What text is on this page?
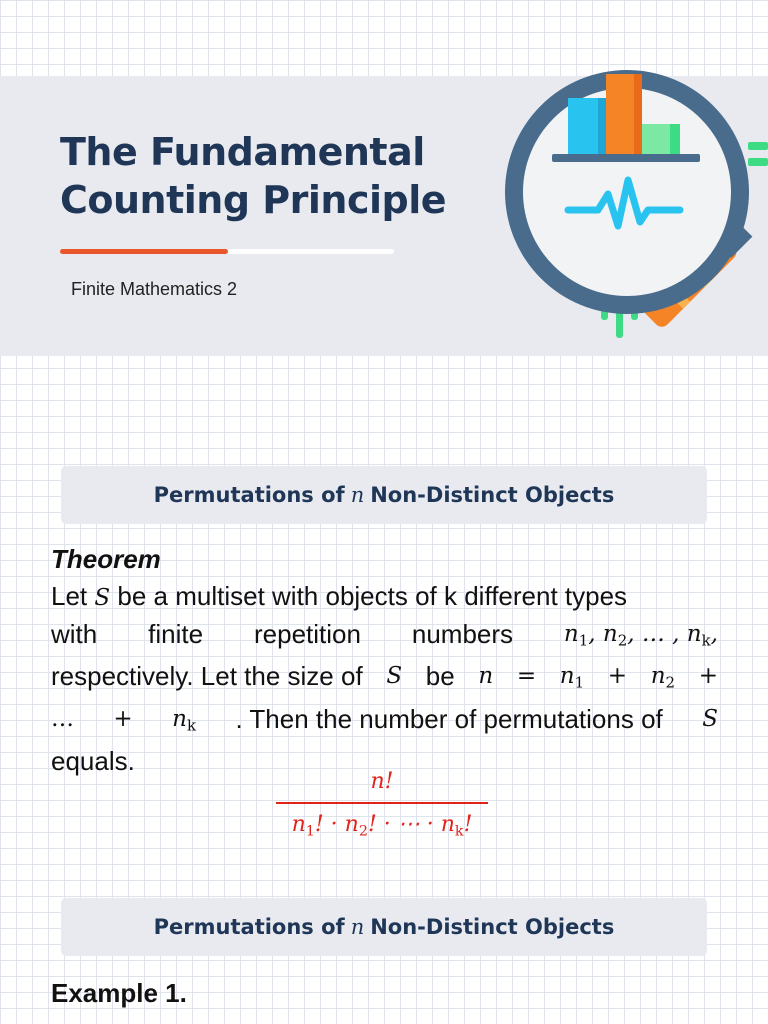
The Fundamental
Counting Principle
Finite Mathematics 2
Permutations of n Non-Distinct Objects
Theorem
Let S be a multiset with objects of k different types
with finite repetition numbers $n_1$, $n_2$, … , $n_k$,
respectively. Let the size of S be $n = n_1 + n_2$ +
… + $n_k$ . Then the number of permutations of S
equals.
n!
$n_1$! · $n_2$! · ⋯ · $n_k$!
Permutations of n Non-Distinct Objects
Example 1.
